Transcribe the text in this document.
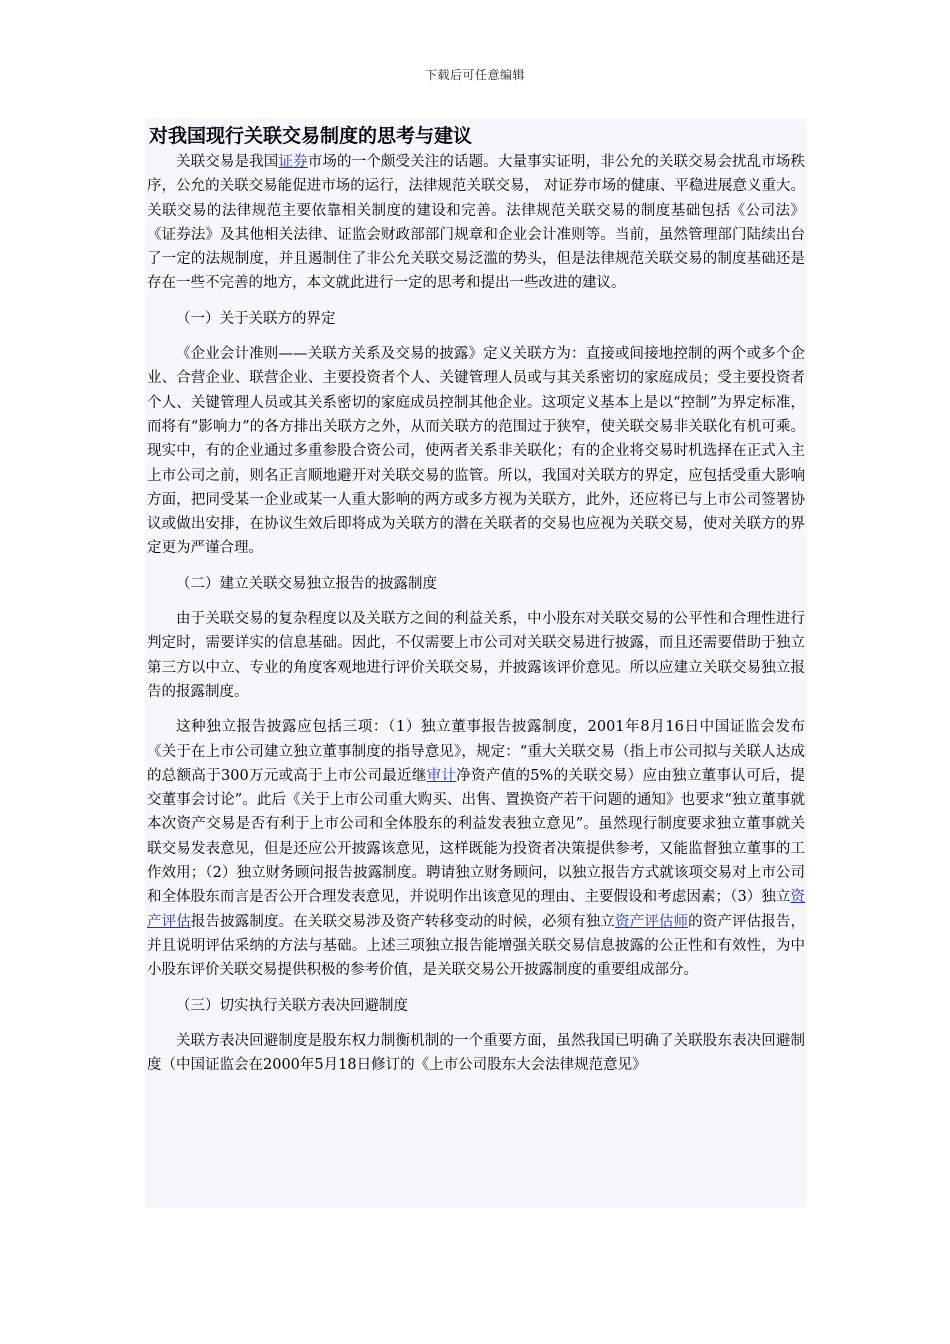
下载后可任意编辑
对我国现行关联交易制度的思考与建议

关联交易是我国证券市场的一个颇受关注的话题。大量事实证明，非公允的关联交易会扰乱市场秩序，公允的关联交易能促进市场的运行，法律规范关联交易， 对证券市场的健康、平稳进展意义重大。关联交易的法律规范主要依靠相关制度的建设和完善。法律规范关联交易的制度基础包括《公司法》《证券法》及其他相关法律、证监会财政部部门规章和企业会计准则等。当前，虽然管理部门陆续出台了一定的法规制度，并且遏制住了非公允关联交易泛滥的势头，但是法律规范关联交易的制度基础还是存在一些不完善的地方，本文就此进行一定的思考和提出一些改进的建议。

（一）关于关联方的界定

《企业会计准则——关联方关系及交易的披露》定义关联方为：直接或间接地控制的两个或多个企业、合营企业、联营企业、主要投资者个人、关键管理人员或与其关系密切的家庭成员；受主要投资者个人、关键管理人员或其关系密切的家庭成员控制其他企业。这项定义基本上是以“控制”为界定标准，而将有“影响力”的各方排出关联方之外，从而关联方的范围过于狭窄，使关联交易非关联化有机可乘。现实中，有的企业通过多重参股合资公司，使两者关系非关联化；有的企业将交易时机选择在正式入主上市公司之前，则名正言顺地避开对关联交易的监管。所以，我国对关联方的界定，应包括受重大影响方面，把同受某一企业或某一人重大影响的两方或多方视为关联方，此外，还应将已与上市公司签署协议或做出安排，在协议生效后即将成为关联方的潜在关联者的交易也应视为关联交易，使对关联方的界定更为严谨合理。

（二）建立关联交易独立报告的披露制度

由于关联交易的复杂程度以及关联方之间的利益关系，中小股东对关联交易的公平性和合理性进行判定时，需要详实的信息基础。因此，不仅需要上市公司对关联交易进行披露，而且还需要借助于独立第三方以中立、专业的角度客观地进行评价关联交易，并披露该评价意见。所以应建立关联交易独立报告的报露制度。

这种独立报告披露应包括三项：（1）独立董事报告披露制度，2001年8月16日中国证监会发布《关于在上市公司建立独立董事制度的指导意见》，规定：“重大关联交易（指上市公司拟与关联人达成的总额高于300万元或高于上市公司最近继审计净资产值的5%的关联交易）应由独立董事认可后，提交董事会讨论”。此后《关于上市公司重大购买、出售、置换资产若干问题的通知》也要求“独立董事就本次资产交易是否有利于上市公司和全体股东的利益发表独立意见”。虽然现行制度要求独立董事就关联交易发表意见，但是还应公开披露该意见，这样既能为投资者决策提供参考，又能监督独立董事的工作效用；（2）独立财务顾问报告披露制度。聘请独立财务顾问，以独立报告方式就该项交易对上市公司和全体股东而言是否公开合理发表意见，并说明作出该意见的理由、主要假设和考虑因素；（3）独立资产评估报告披露制度。在关联交易涉及资产转移变动的时候，必须有独立资产评估师的资产评估报告，并且说明评估采纳的方法与基础。上述三项独立报告能增强关联交易信息披露的公正性和有效性，为中小股东评价关联交易提供积极的参考价值，是关联交易公开披露制度的重要组成部分。

（三）切实执行关联方表决回避制度

关联方表决回避制度是股东权力制衡机制的一个重要方面，虽然我国已明确了关联股东表决回避制度（中国证监会在2000年5月18日修订的《上市公司股东大会法律规范意见》
